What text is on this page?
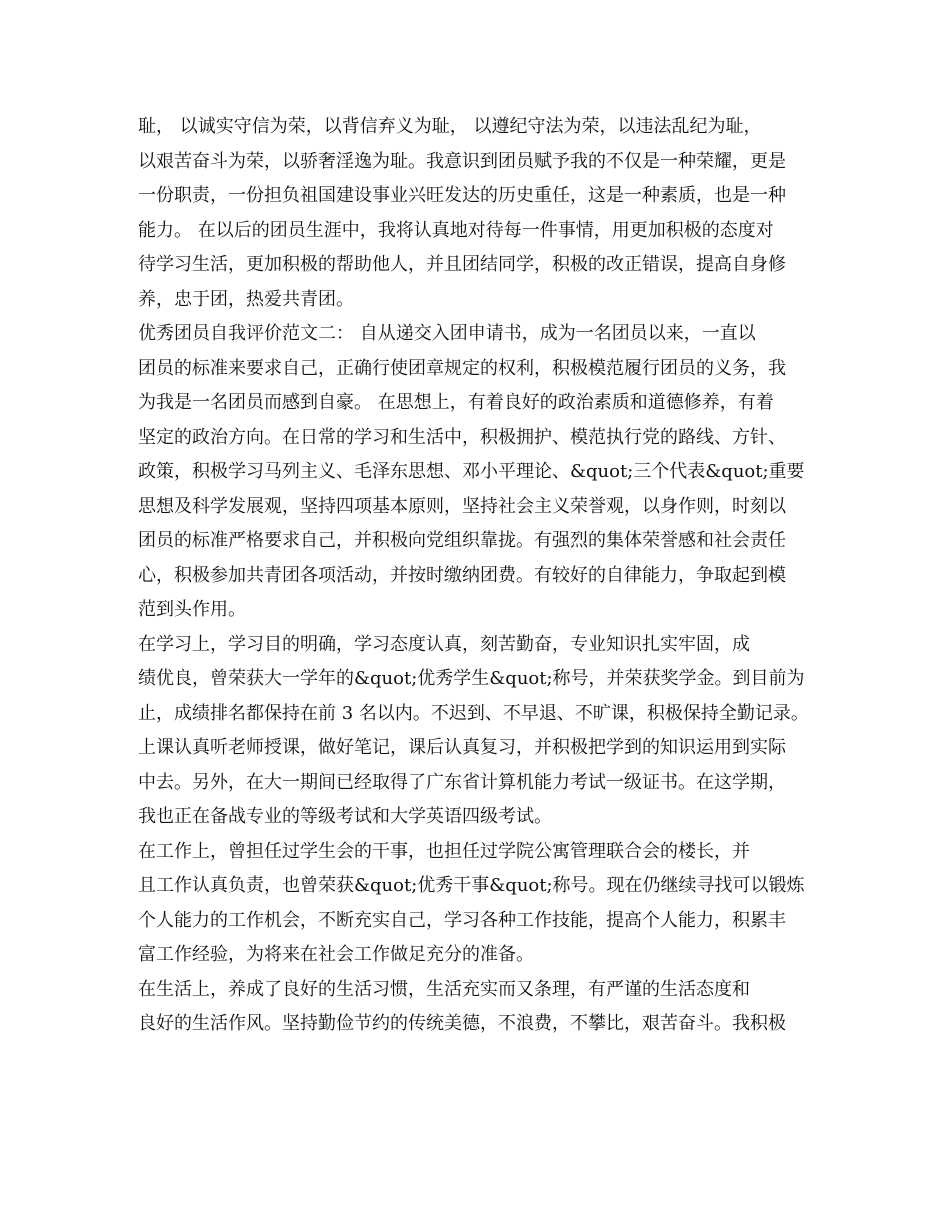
耻， 以诚实守信为荣，以背信弃义为耻， 以遵纪守法为荣，以违法乱纪为耻，
以艰苦奋斗为荣，以骄奢淫逸为耻。我意识到团员赋予我的不仅是一种荣耀，更是
一份职责，一份担负祖国建设事业兴旺发达的历史重任，这是一种素质，也是一种
能力。 在以后的团员生涯中，我将认真地对待每一件事情，用更加积极的态度对
待学习生活，更加积极的帮助他人，并且团结同学，积极的改正错误，提高自身修
养，忠于团，热爱共青团。
优秀团员自我评价范文二： 自从递交入团申请书，成为一名团员以来，一直以
团员的标准来要求自己，正确行使团章规定的权利，积极模范履行团员的义务，我
为我是一名团员而感到自豪。 在思想上，有着良好的政治素质和道德修养，有着
坚定的政治方向。在日常的学习和生活中，积极拥护、模范执行党的路线、方针、
政策，积极学习马列主义、毛泽东思想、邓小平理论、&quot;三个代表&quot;重要
思想及科学发展观，坚持四项基本原则，坚持社会主义荣誉观，以身作则，时刻以
团员的标准严格要求自己，并积极向党组织靠拢。有强烈的集体荣誉感和社会责任
心，积极参加共青团各项活动，并按时缴纳团费。有较好的自律能力，争取起到模
范到头作用。
在学习上，学习目的明确，学习态度认真，刻苦勤奋，专业知识扎实牢固，成
绩优良，曾荣获大一学年的&quot;优秀学生&quot;称号，并荣获奖学金。到目前为
止，成绩排名都保持在前 3 名以内。不迟到、不早退、不旷课，积极保持全勤记录。
上课认真听老师授课，做好笔记，课后认真复习，并积极把学到的知识运用到实际
中去。另外，在大一期间已经取得了广东省计算机能力考试一级证书。在这学期，
我也正在备战专业的等级考试和大学英语四级考试。
在工作上，曾担任过学生会的干事，也担任过学院公寓管理联合会的楼长，并
且工作认真负责，也曾荣获&quot;优秀干事&quot;称号。现在仍继续寻找可以锻炼
个人能力的工作机会，不断充实自己，学习各种工作技能，提高个人能力，积累丰
富工作经验，为将来在社会工作做足充分的准备。
在生活上，养成了良好的生活习惯，生活充实而又条理，有严谨的生活态度和
良好的生活作风。坚持勤俭节约的传统美德，不浪费，不攀比，艰苦奋斗。我积极
